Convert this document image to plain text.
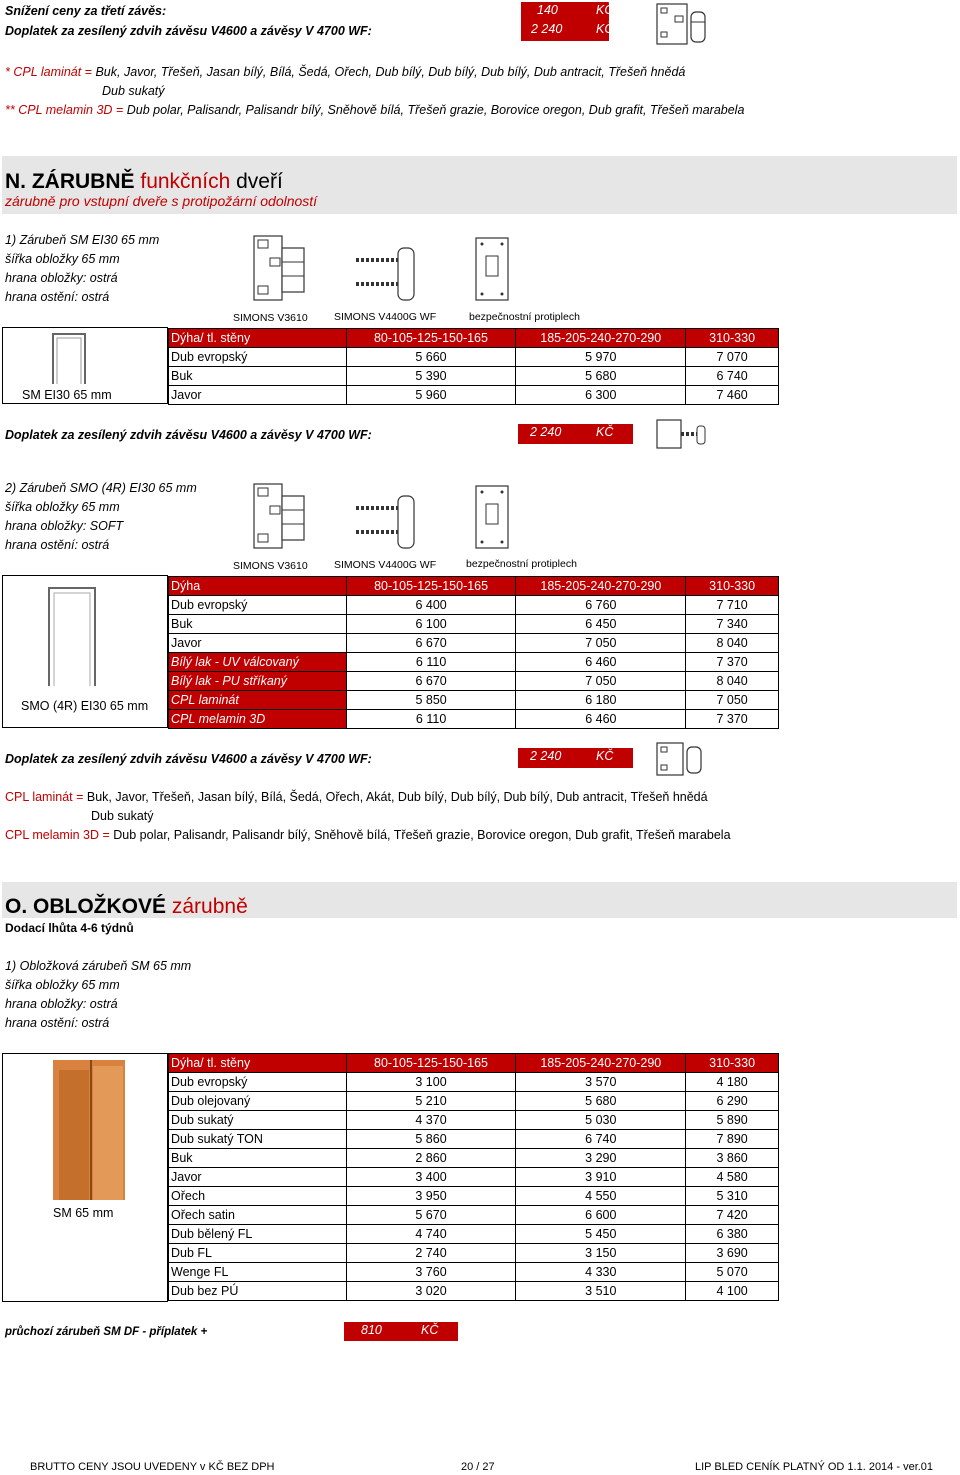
Snížení ceny za třetí závěs:	140	KČ
Doplatek za zesílený zdvih závěsu V4600 a závěsy V 4700 WF:	2 240	KČ
* CPL laminát = Buk, Javor, Třešeň, Jasan bílý, Bílá, Šedá, Ořech, Dub bílý, Dub bílý, Dub bílý, Dub antracit, Třešeň hnědá
Dub sukatý
** CPL melamin 3D = Dub polar, Palisandr, Palisandr bílý, Sněhově bílá, Třešeň grazie, Borovice oregon, Dub grafit, Třešeň marabela
N. ZÁRUBNĚ funkčních dveří
zárubně pro vstupní dveře s protipožární odolností
1) Zárubeň SM EI30 65 mm
šířka obložky 65 mm
hrana obložky: ostrá
hrana ostění: ostrá
SIMONS V3610	SIMONS V4400G WF	bezpečnostní protiplech
SM EI30 65 mm
Dýha/ tl. stěny	80-105-125-150-165	185-205-240-270-290	310-330
Dub evropský	5 660	5 970	7 070
Buk	5 390	5 680	6 740
Javor	5 960	6 300	7 460
Doplatek za zesílený zdvih závěsu V4600 a závěsy V 4700 WF:	2 240	KČ
2) Zárubeň SMO (4R) EI30 65 mm
šířka obložky 65 mm
hrana obložky: SOFT
hrana ostění: ostrá
SIMONS V3610	SIMONS V4400G WF	bezpečnostní protiplech
SMO (4R) EI30 65 mm
Dýha	80-105-125-150-165	185-205-240-270-290	310-330
Dub evropský	6 400	6 760	7 710
Buk	6 100	6 450	7 340
Javor	6 670	7 050	8 040
Bílý lak - UV válcovaný	6 110	6 460	7 370
Bílý lak - PU stříkaný	6 670	7 050	8 040
CPL laminát	5 850	6 180	7 050
CPL melamin 3D	6 110	6 460	7 370
Doplatek za zesílený zdvih závěsu V4600 a závěsy V 4700 WF:	2 240	KČ
CPL laminát = Buk, Javor, Třešeň, Jasan bílý, Bílá, Šedá, Ořech, Akát, Dub bílý, Dub bílý, Dub bílý, Dub antracit, Třešeň hnědá
Dub sukatý
CPL melamin 3D = Dub polar, Palisandr, Palisandr bílý, Sněhově bílá, Třešeň grazie, Borovice oregon, Dub grafit, Třešeň marabela
O. OBLOŽKOVÉ zárubně
Dodací lhůta 4-6 týdnů
1) Obložková zárubeň SM 65 mm
šířka obložky 65 mm
hrana obložky: ostrá
hrana ostění: ostrá
SM 65 mm
Dýha/ tl. stěny	80-105-125-150-165	185-205-240-270-290	310-330
Dub evropský	3 100	3 570	4 180
Dub olejovaný	5 210	5 680	6 290
Dub sukatý	4 370	5 030	5 890
Dub sukatý TON	5 860	6 740	7 890
Buk	2 860	3 290	3 860
Javor	3 400	3 910	4 580
Ořech	3 950	4 550	5 310
Ořech satin	5 670	6 600	7 420
Dub bělený FL	4 740	5 450	6 380
Dub FL	2 740	3 150	3 690
Wenge FL	3 760	4 330	5 070
Dub bez PÚ	3 020	3 510	4 100
průchozí zárubeň SM DF - příplatek +	810	KČ
BRUTTO CENY JSOU UVEDENY v KČ BEZ DPH	20 / 27	LIP BLED CENÍK PLATNÝ OD 1.1. 2014 - ver.01
